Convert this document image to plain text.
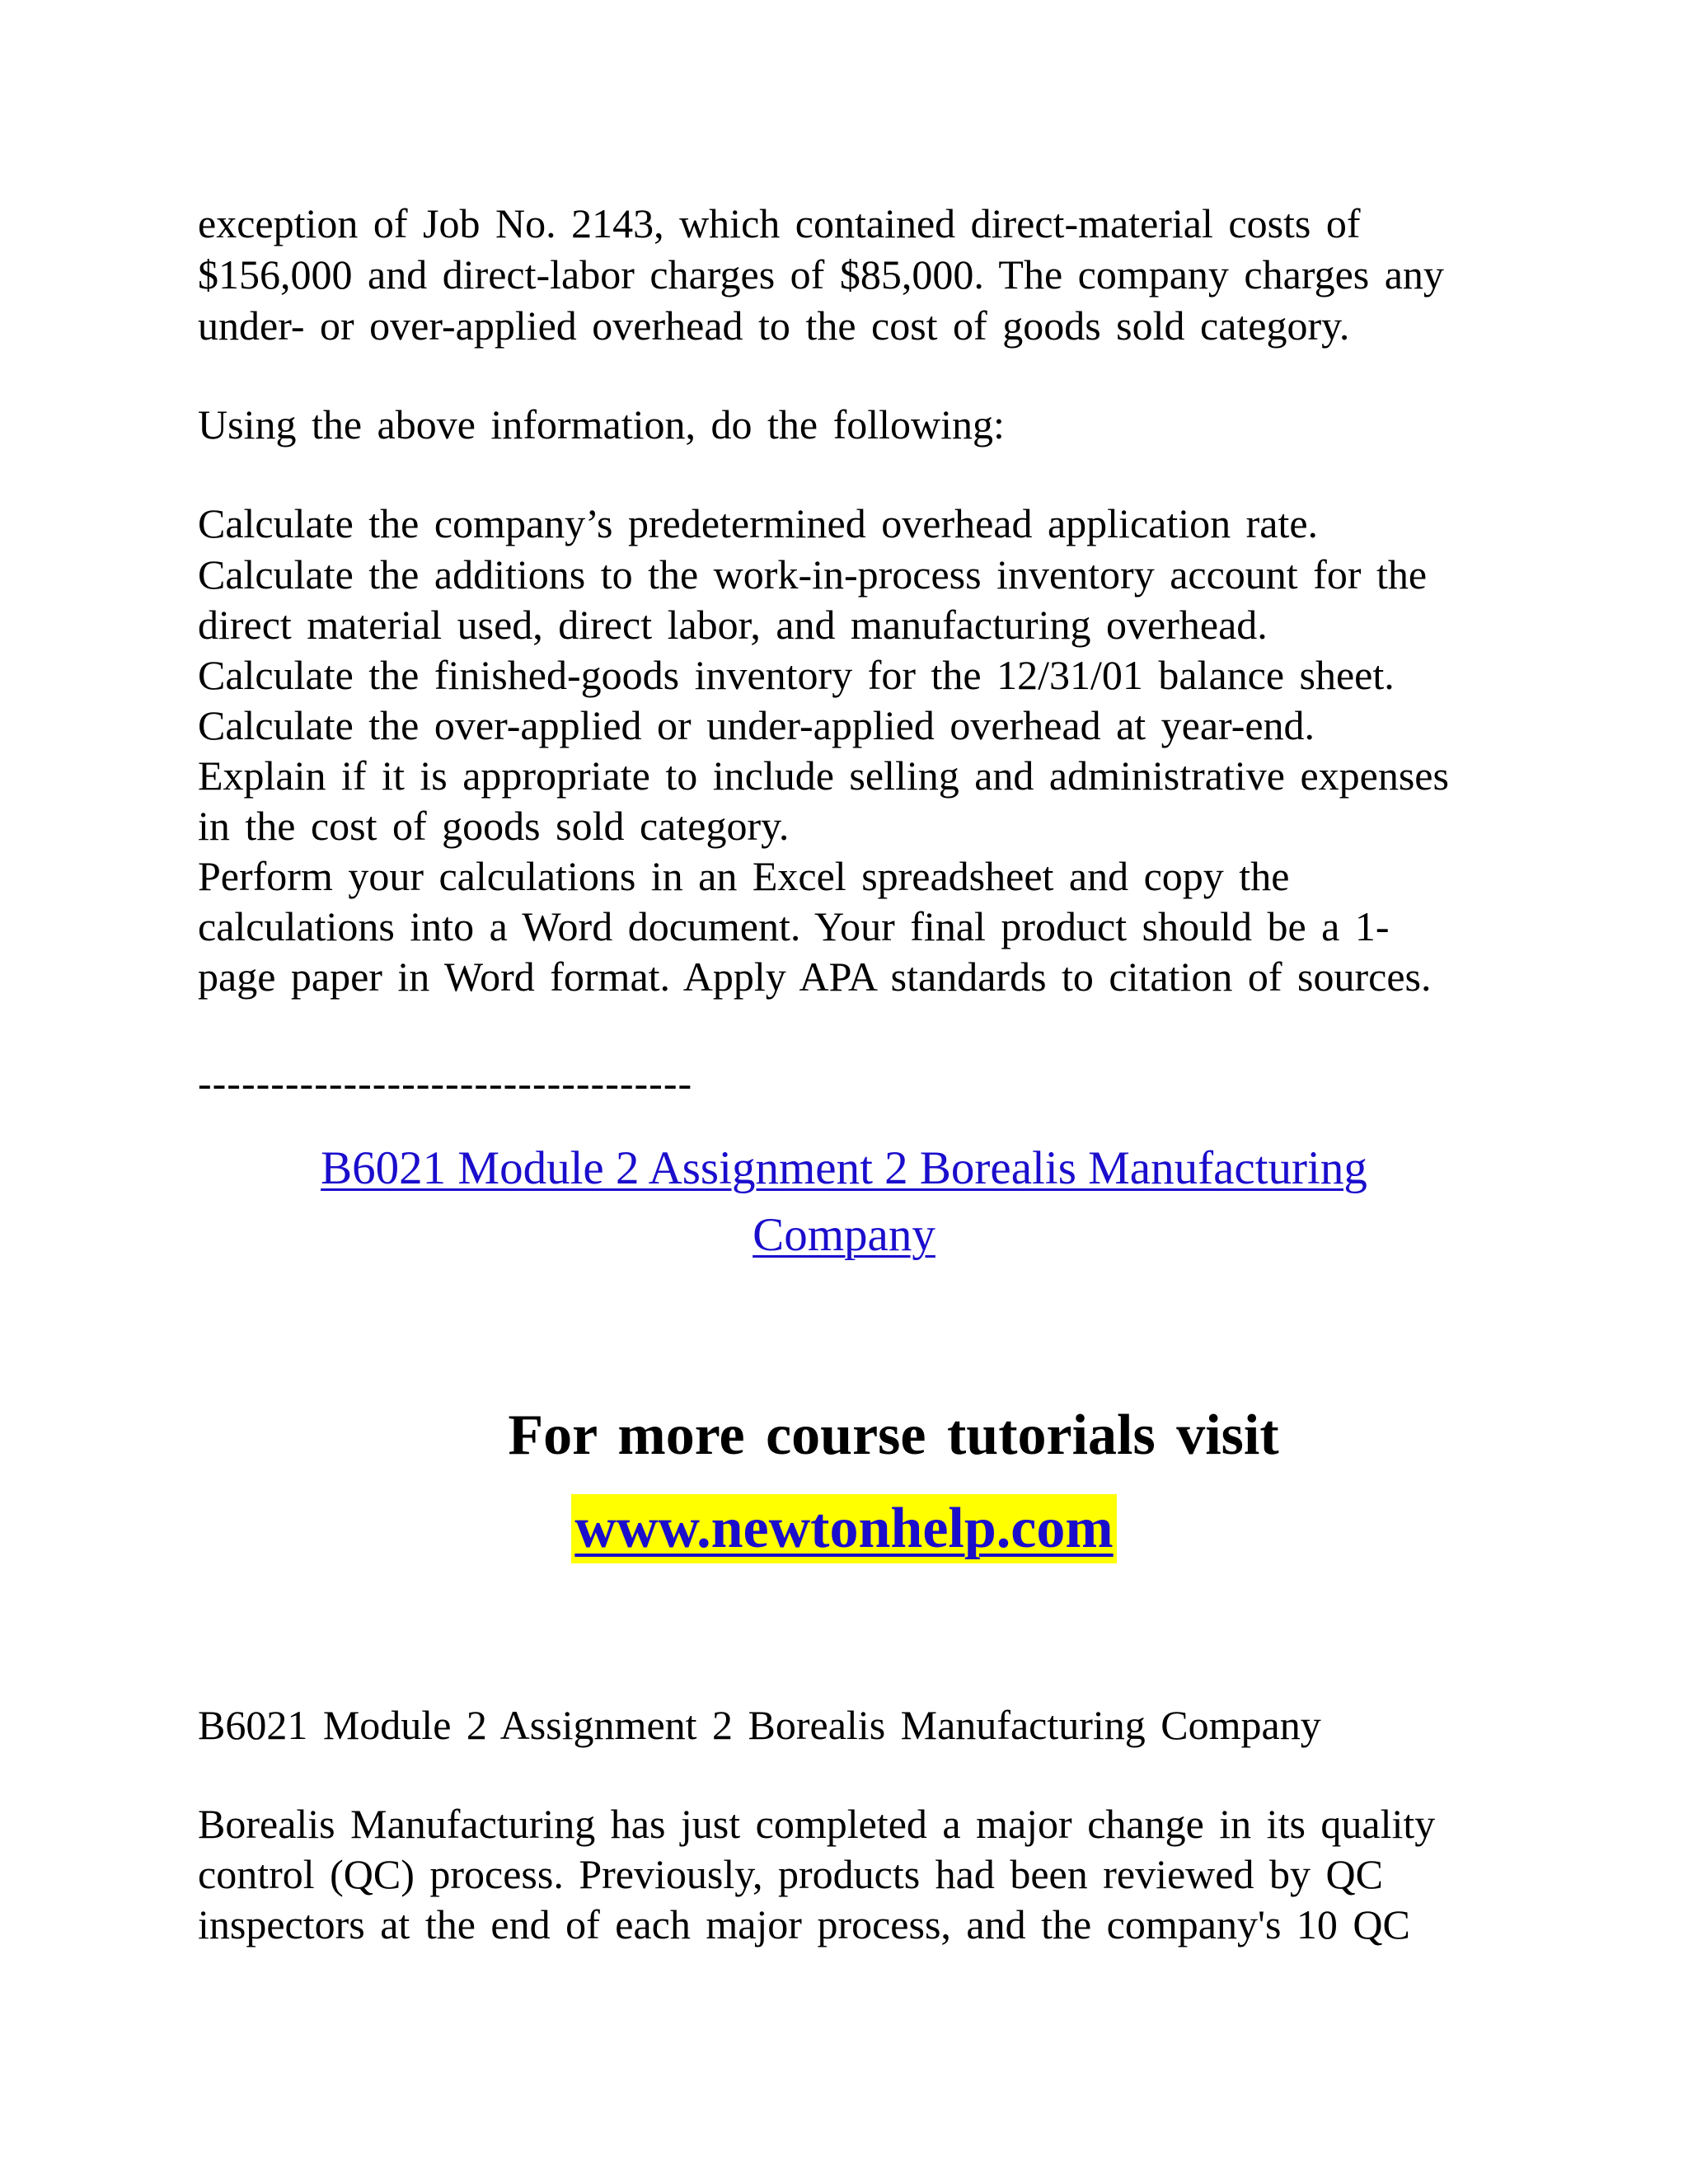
exception of Job No. 2143, which contained direct-material costs of
$156,000 and direct-labor charges of $85,000. The company charges any
under- or over-applied overhead to the cost of goods sold category.
Using the above information, do the following:
Calculate the company’s predetermined overhead application rate.
Calculate the additions to the work-in-process inventory account for the
direct material used, direct labor, and manufacturing overhead.
Calculate the finished-goods inventory for the 12/31/01 balance sheet.
Calculate the over-applied or under-applied overhead at year-end.
Explain if it is appropriate to include selling and administrative expenses
in the cost of goods sold category.
Perform your calculations in an Excel spreadsheet and copy the
calculations into a Word document. Your final product should be a 1-
page paper in Word format. Apply APA standards to citation of sources.
----------------------------------
B6021 Module 2 Assignment 2 Borealis Manufacturing
Company
For more course tutorials visit
www.newtonhelp.com
B6021 Module 2 Assignment 2 Borealis Manufacturing Company
Borealis Manufacturing has just completed a major change in its quality
control (QC) process. Previously, products had been reviewed by QC
inspectors at the end of each major process, and the company's 10 QC
